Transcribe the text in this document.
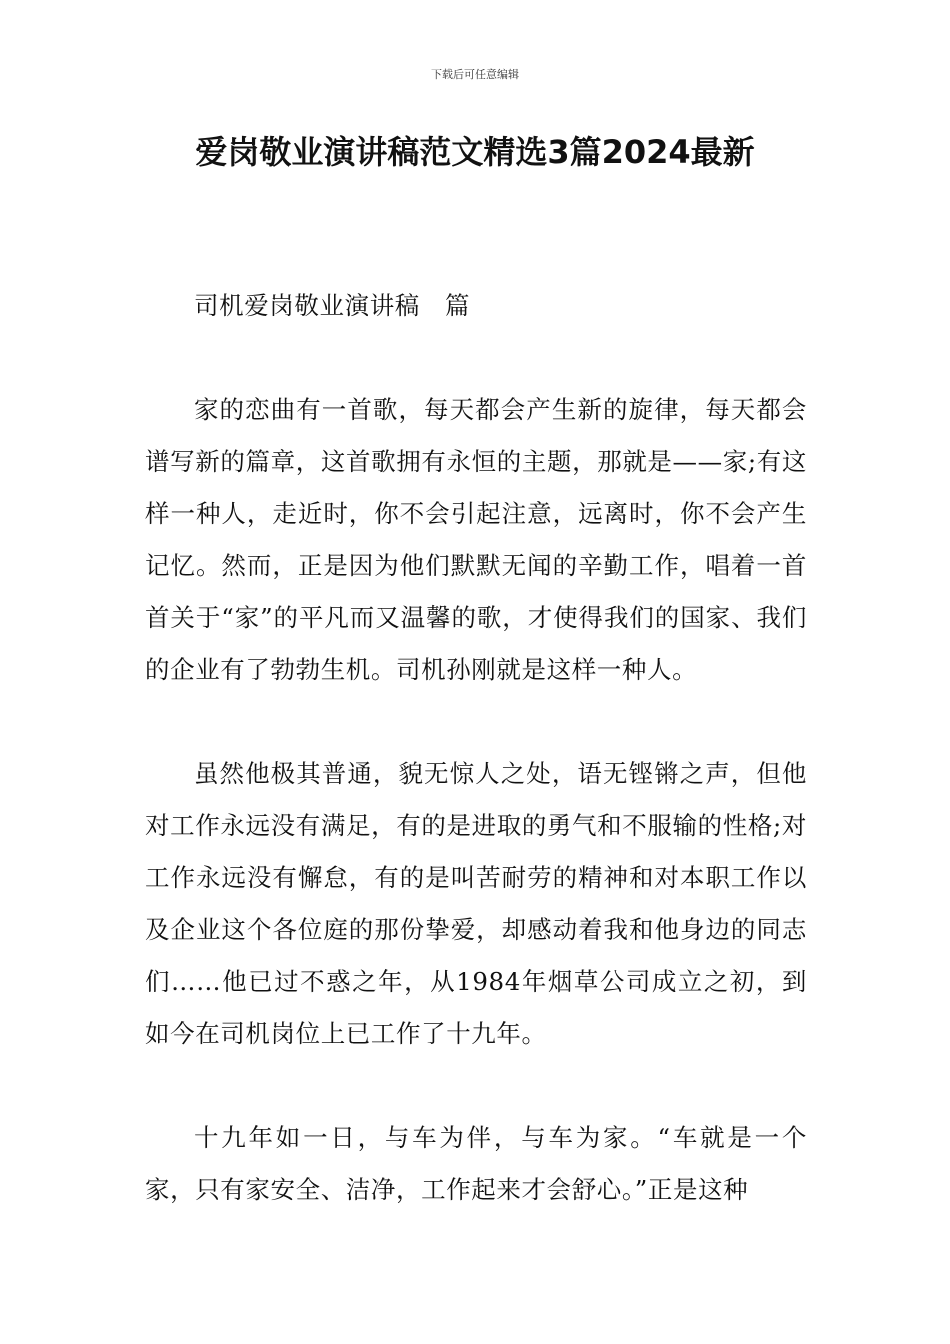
下载后可任意编辑
爱岗敬业演讲稿范文精选3篇2024最新

司机爱岗敬业演讲稿　篇

家的恋曲有一首歌，每天都会产生新的旋律，每天都会谱写新的篇章，这首歌拥有永恒的主题，那就是——家;有这样一种人，走近时，你不会引起注意，远离时，你不会产生记忆。然而，正是因为他们默默无闻的辛勤工作，唱着一首首关于“家”的平凡而又温馨的歌，才使得我们的国家、我们的企业有了勃勃生机。司机孙刚就是这样一种人。

虽然他极其普通，貌无惊人之处，语无铿锵之声，但他对工作永远没有满足，有的是进取的勇气和不服输的性格;对工作永远没有懈怠，有的是叫苦耐劳的精神和对本职工作以及企业这个各位庭的那份挚爱，却感动着我和他身边的同志们……他已过不惑之年，从1984年烟草公司成立之初，到如今在司机岗位上已工作了十九年。

十九年如一日，与车为伴，与车为家。“车就是一个家，只有家安全、洁净，工作起来才会舒心。”正是这种
